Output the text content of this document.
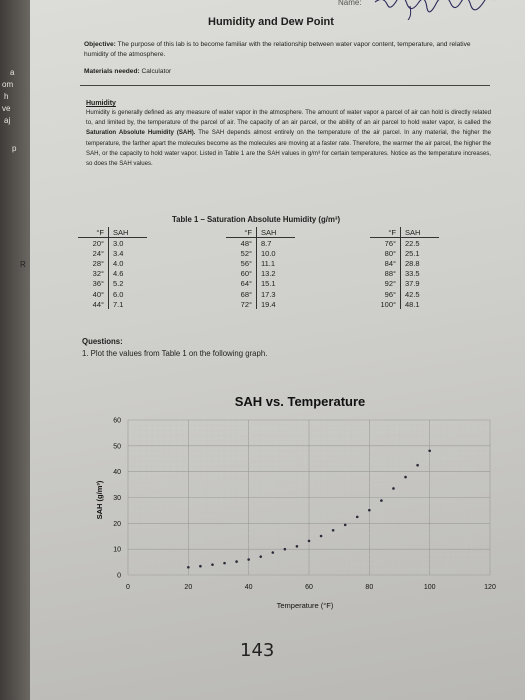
a
om
h
ve
aj
p
R
Name:
Humidity and Dew Point
Objective: The purpose of this lab is to become familiar with the relationship between water vapor content, temperature, and relative humidity of the atmosphere.
Materials needed: Calculator
Humidity
Humidity is generally defined as any measure of water vapor in the atmosphere. The amount of water vapor a parcel of air can hold is directly related to, and limited by, the temperature of the parcel of air. The capacity of an air parcel, or the ability of an air parcel to hold water vapor, is called the Saturation Absolute Humidity (SAH). The SAH depends almost entirely on the temperature of the air parcel. In any material, the higher the temperature, the farther apart the molecules become as the molecules are moving at a faster rate. Therefore, the warmer the air parcel, the higher the SAH, or the capacity to hold water vapor. Listed in Table 1 are the SAH values in g/m³ for certain temperatures. Notice as the temperature increases, so does the SAH values.
Table 1 – Saturation Absolute Humidity (g/m³)
°F	SAH
20°	3.0
24°	3.4
28°	4.0
32°	4.6
36°	5.2
40°	6.0
44°	7.1
°F	SAH
48°	8.7
52°	10.0
56°	11.1
60°	13.2
64°	15.1
68°	17.3
72°	19.4
°F	SAH
76°	22.5
80°	25.1
84°	28.8
88°	33.5
92°	37.9
96°	42.5
100°	48.1
Questions:
1. Plot the values from Table 1 on the following graph.
SAH vs. Temperature
0	20	40	60	80	100	120
0
10
20
30
40
50
60
Temperature (°F)
SAH (g/m³)
143
